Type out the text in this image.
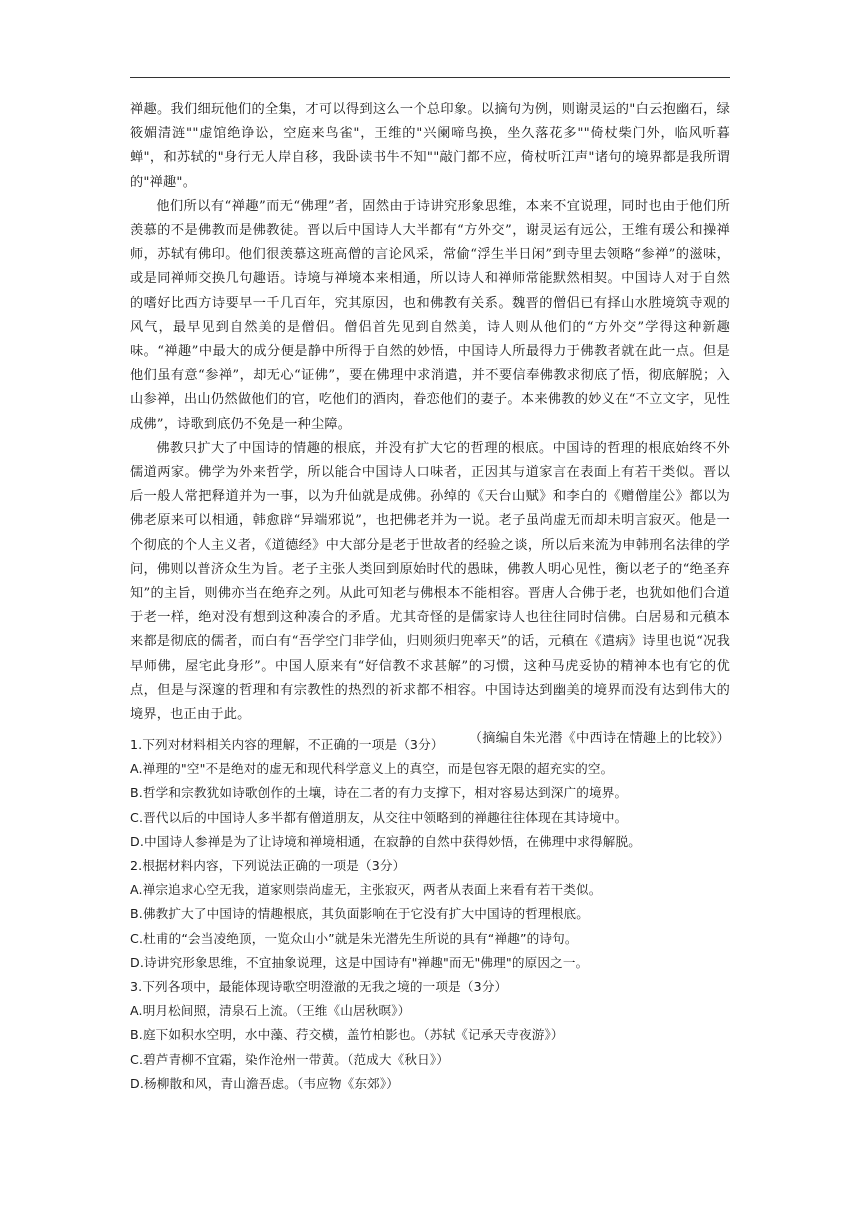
禅趣。我们细玩他们的全集，才可以得到这么一个总印象。以摘句为例，则谢灵运的"白云抱幽石，绿筱媚清涟""虚馆绝诤讼，空庭来鸟雀"，王维的"兴阑啼鸟换，坐久落花多""倚杖柴门外，临风听暮蝉"，和苏轼的"身行无人岸自移，我卧读书牛不知""敲门都不应，倚杖听江声"诸句的境界都是我所谓的"禅趣"。

他们所以有“禅趣”而无“佛理”者，固然由于诗讲究形象思维，本来不宜说理，同时也由于他们所羡慕的不是佛教而是佛教徒。晋以后中国诗人大半都有“方外交”，谢灵运有远公，王维有瑗公和操禅师，苏轼有佛印。他们很羡慕这班高僧的言论风采，常偷“浮生半日闲”到寺里去领略“参禅”的滋味，或是同禅师交换几句趣语。诗境与禅境本来相通，所以诗人和禅师常能默然相契。中国诗人对于自然的嗜好比西方诗要早一千几百年，究其原因，也和佛教有关系。魏晋的僧侣已有择山水胜境筑寺观的风气，最早见到自然美的是僧侣。僧侣首先见到自然美，诗人则从他们的“方外交”学得这种新趣味。“禅趣”中最大的成分便是静中所得于自然的妙悟，中国诗人所最得力于佛教者就在此一点。但是他们虽有意“参禅”，却无心“证佛”，要在佛理中求消遣，并不要信奉佛教求彻底了悟，彻底解脱；入山参禅，出山仍然做他们的官，吃他们的酒肉，眷恋他们的妻子。本来佛教的妙义在“不立文字，见性成佛”，诗歌到底仍不免是一种尘障。

佛教只扩大了中国诗的情趣的根底，并没有扩大它的哲理的根底。中国诗的哲理的根底始终不外儒道两家。佛学为外来哲学，所以能合中国诗人口味者，正因其与道家言在表面上有若干类似。晋以后一般人常把释道并为一事，以为升仙就是成佛。孙绰的《天台山赋》和李白的《赠僧崖公》都以为佛老原来可以相通，韩愈辟“异端邪说”，也把佛老并为一说。老子虽尚虚无而却未明言寂灭。他是一个彻底的个人主义者，《道德经》中大部分是老于世故者的经验之谈，所以后来流为申韩刑名法律的学问，佛则以普济众生为旨。老子主张人类回到原始时代的愚昧，佛教人明心见性，衡以老子的“绝圣弃知”的主旨，则佛亦当在绝弃之列。从此可知老与佛根本不能相容。晋唐人合佛于老，也犹如他们合道于老一样，绝对没有想到这种凑合的矛盾。尤其奇怪的是儒家诗人也往往同时信佛。白居易和元稹本来都是彻底的儒者，而白有“吾学空门非学仙，归则须归兜率天”的话，元稹在《遣病》诗里也说“况我早师佛，屋宅此身形”。中国人原来有“好信教不求甚解”的习惯，这种马虎妥协的精神本也有它的优点，但是与深邃的哲理和有宗教性的热烈的祈求都不相容。中国诗达到幽美的境界而没有达到伟大的境界，也正由于此。

（摘编自朱光潜《中西诗在情趣上的比较》）

1.下列对材料相关内容的理解，不正确的一项是（3分）
A.禅理的"空"不是绝对的虚无和现代科学意义上的真空，而是包容无限的超充实的空。
B.哲学和宗教犹如诗歌创作的土壤，诗在二者的有力支撑下，相对容易达到深广的境界。
C.晋代以后的中国诗人多半都有僧道朋友，从交往中领略到的禅趣往往体现在其诗境中。
D.中国诗人参禅是为了让诗境和禅境相通，在寂静的自然中获得妙悟，在佛理中求得解脱。
2.根据材料内容，下列说法正确的一项是（3分）
A.禅宗追求心空无我，道家则崇尚虚无，主张寂灭，两者从表面上来看有若干类似。
B.佛教扩大了中国诗的情趣根底，其负面影响在于它没有扩大中国诗的哲理根底。
C.杜甫的“会当凌绝顶，一览众山小”就是朱光潜先生所说的具有“禅趣”的诗句。
D.诗讲究形象思维，不宜抽象说理，这是中国诗有"禅趣"而无"佛理"的原因之一。
3.下列各项中，最能体现诗歌空明澄澈的无我之境的一项是（3分）
A.明月松间照，清泉石上流。（王维《山居秋暝》）
B.庭下如积水空明，水中藻、荇交横，盖竹柏影也。（苏轼《记承天寺夜游》）
C.碧芦青柳不宜霜，染作沧州一带黄。（范成大《秋日》）
D.杨柳散和风，青山澹吾虑。（韦应物《东郊》）
